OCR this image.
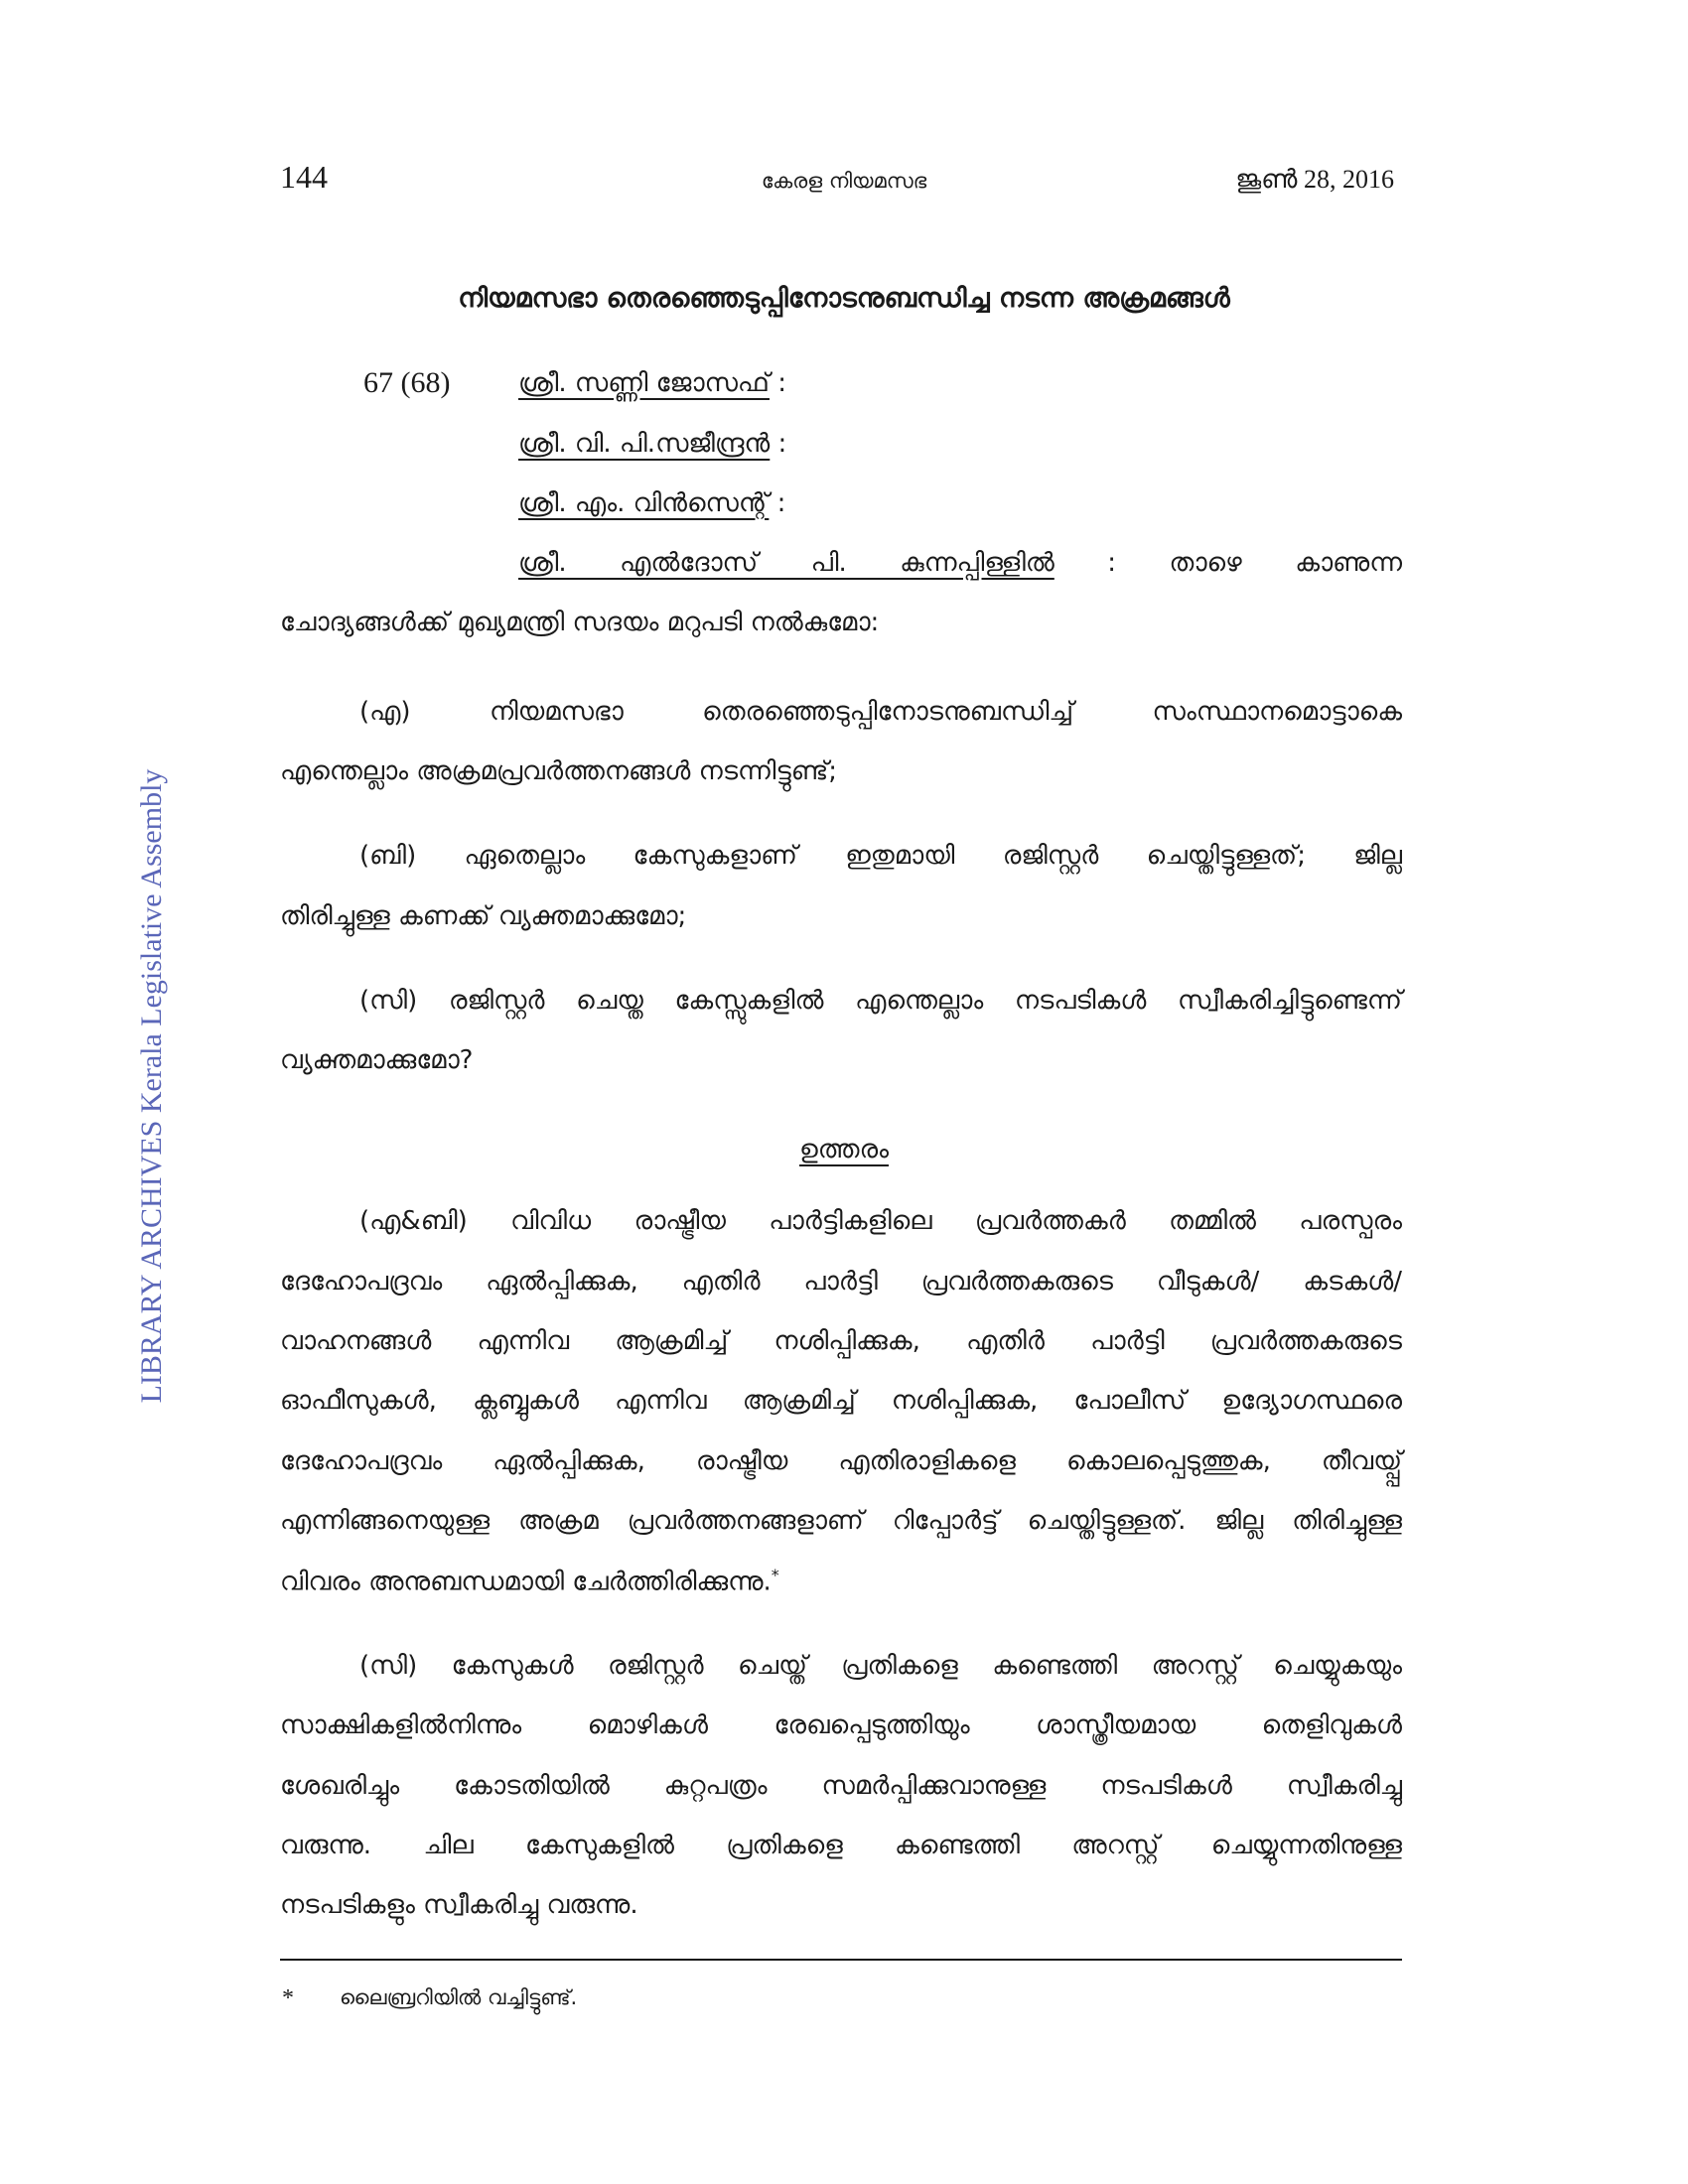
144	കേരള നിയമസഭ	ജൂൺ 28, 2016
നിയമസഭാ തെരഞ്ഞെടുപ്പിനോടനുബന്ധിച്ച നടന്ന അക്രമങ്ങൾ
67 (68)	ശ്രീ. സണ്ണി ജോസഫ് :
ശ്രീ. വി. പി.സജീന്ദ്രൻ :
ശ്രീ. എം. വിൻസെന്റ് :
ശ്രീ. എൽദോസ് പി. കുന്നപ്പിള്ളിൽ : താഴെ കാണുന്ന
ചോദ്യങ്ങൾക്ക് മുഖ്യമന്ത്രി സദയം മറുപടി നൽകുമോ:
(എ) നിയമസഭാ തെരഞ്ഞെടുപ്പിനോടനുബന്ധിച്ച് സംസ്ഥാനമൊട്ടാകെ
എന്തെല്ലാം അക്രമപ്രവർത്തനങ്ങൾ നടന്നിട്ടുണ്ട്;
(ബി) ഏതെല്ലാം കേസുകളാണ് ഇതുമായി രജിസ്റ്റർ ചെയ്തിട്ടുള്ളത്; ജില്ല
തിരിച്ചുള്ള കണക്ക് വ്യക്തമാക്കുമോ;
(സി) രജിസ്റ്റർ ചെയ്ത കേസ്സുകളിൽ എന്തെല്ലാം നടപടികൾ സ്വീകരിച്ചിട്ടുണ്ടെന്ന്
വ്യക്തമാക്കുമോ?
ഉത്തരം
(എ&ബി) വിവിധ രാഷ്ട്രീയ പാർട്ടികളിലെ പ്രവർത്തകർ തമ്മിൽ പരസ്പരം
ദേഹോപദ്രവം ഏൽപ്പിക്കുക, എതിർ പാർട്ടി പ്രവർത്തകരുടെ വീടുകൾ/ കടകൾ/
വാഹനങ്ങൾ എന്നിവ ആക്രമിച്ച് നശിപ്പിക്കുക, എതിർ പാർട്ടി പ്രവർത്തകരുടെ
ഓഫീസുകൾ, ക്ലബ്ബുകൾ എന്നിവ ആക്രമിച്ച് നശിപ്പിക്കുക, പോലീസ് ഉദ്യോഗസ്ഥരെ
ദേഹോപദ്രവം ഏൽപ്പിക്കുക, രാഷ്ട്രീയ എതിരാളികളെ കൊലപ്പെടുത്തുക, തീവയ്പ്പ്
എന്നിങ്ങനെയുള്ള അക്രമ പ്രവർത്തനങ്ങളാണ് റിപ്പോർട്ട് ചെയ്തിട്ടുള്ളത്. ജില്ല തിരിച്ചുള്ള
വിവരം അനുബന്ധമായി ചേർത്തിരിക്കുന്നു.*
(സി) കേസുകൾ രജിസ്റ്റർ ചെയ്ത് പ്രതികളെ കണ്ടെത്തി അറസ്റ്റ് ചെയ്യുകയും
സാക്ഷികളിൽനിന്നും മൊഴികൾ രേഖപ്പെടുത്തിയും ശാസ്ത്രീയമായ തെളിവുകൾ
ശേഖരിച്ചും കോടതിയിൽ കുറ്റപത്രം സമർപ്പിക്കുവാനുള്ള നടപടികൾ സ്വീകരിച്ചു
വരുന്നു. ചില കേസുകളിൽ പ്രതികളെ കണ്ടെത്തി അറസ്റ്റ് ചെയ്യുന്നതിനുള്ള
നടപടികളും സ്വീകരിച്ചു വരുന്നു.
* ലൈബ്രറിയിൽ വച്ചിട്ടുണ്ട്.
LIBRARY ARCHIVES Kerala Legislative Assembly
